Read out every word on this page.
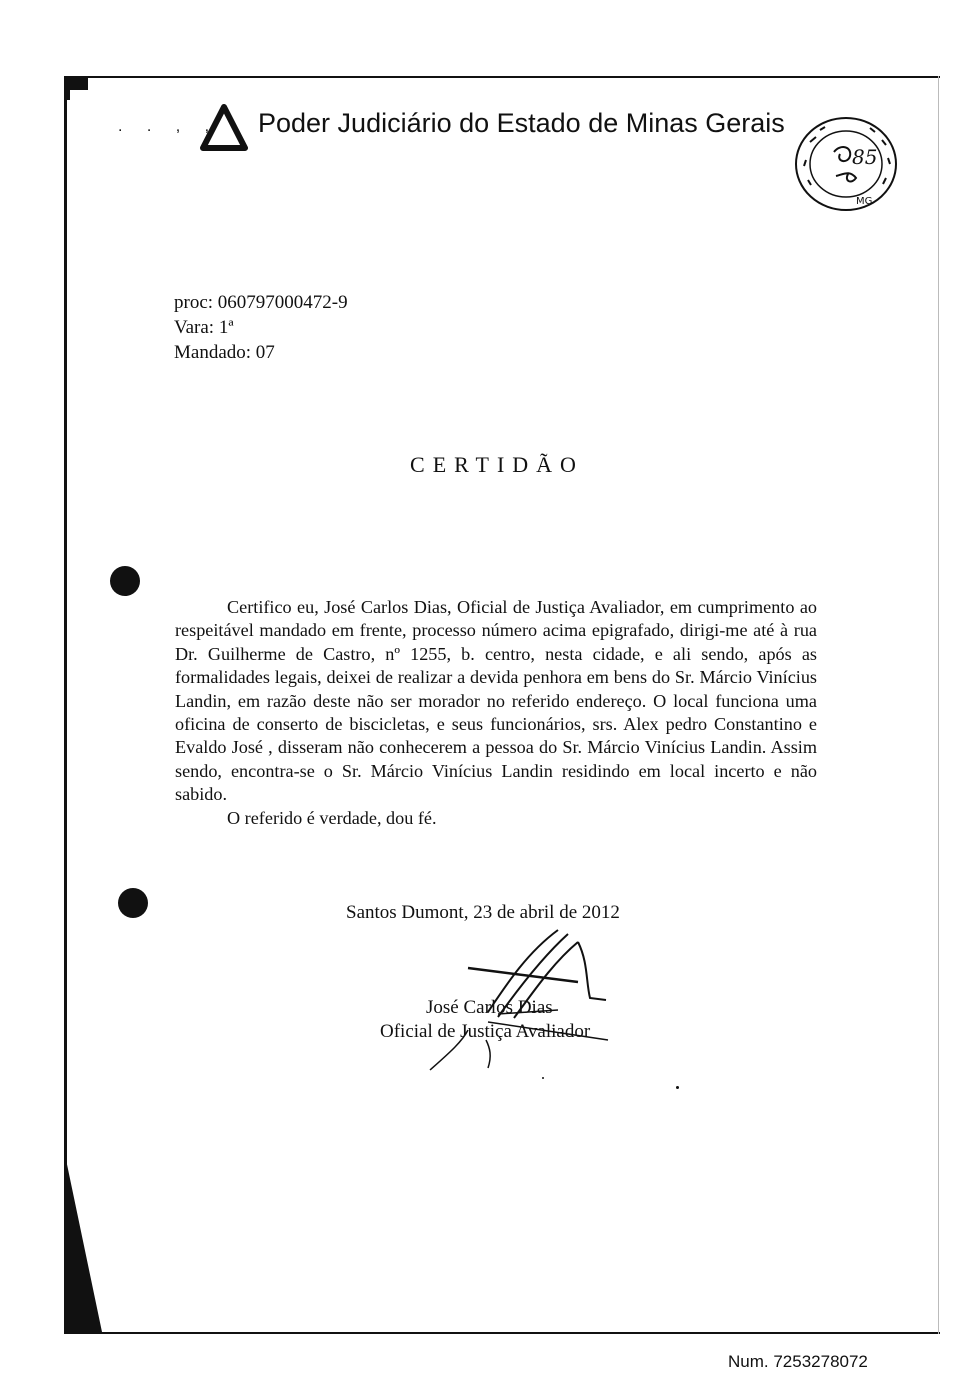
. . , , Poder Judiciário do Estado de Minas Gerais
85
MG
proc: 060797000472-9
Vara: 1ª
Mandado: 07
CERTIDÃO

Certifico eu, José Carlos Dias, Oficial de Justiça Avaliador, em cumprimento ao respeitável mandado em frente, processo número acima epigrafado, dirigi-me até à rua Dr. Guilherme de Castro, nº 1255, b. centro, nesta cidade, e ali sendo, após as formalidades legais, deixei de realizar a devida penhora em bens do Sr. Márcio Vinícius Landin, em razão deste não ser morador no referido endereço. O local funciona uma oficina de conserto de biscicletas, e seus funcionários, srs. Alex pedro Constantino e Evaldo José , disseram não conhecerem a pessoa do Sr. Márcio Vinícius Landin. Assim sendo, encontra-se o Sr. Márcio Vinícius Landin residindo em local incerto e não sabido.

O referido é verdade, dou fé.

Santos Dumont, 23 de abril de 2012
José Carlos Dias
Oficial de Justiça Avaliador
Num. 7253278072
